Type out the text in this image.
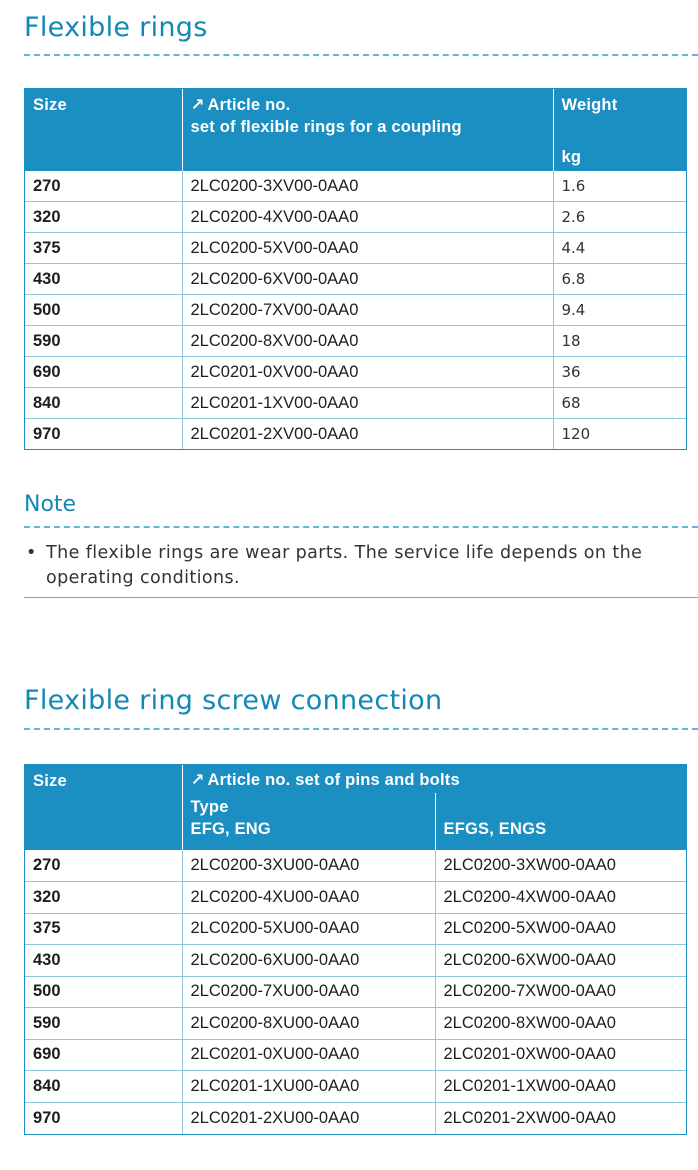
Flexible rings
Size	↗ Article no.
set of flexible rings for a coupling	Weight
kg

270	2LC0200-3XV00-0AA0	1.6
320	2LC0200-4XV00-0AA0	2.6
375	2LC0200-5XV00-0AA0	4.4
430	2LC0200-6XV00-0AA0	6.8
500	2LC0200-7XV00-0AA0	9.4
590	2LC0200-8XV00-0AA0	18
690	2LC0201-0XV00-0AA0	36
840	2LC0201-1XV00-0AA0	68
970	2LC0201-2XV00-0AA0	120
Note
• The flexible rings are wear parts. The service life depends on the operating conditions.
Flexible ring screw connection
Size	↗ Article no. set of pins and bolts	
	Type
EFG, ENG	EFGS, ENGS
270	2LC0200-3XU00-0AA0	2LC0200-3XW00-0AA0
320	2LC0200-4XU00-0AA0	2LC0200-4XW00-0AA0
375	2LC0200-5XU00-0AA0	2LC0200-5XW00-0AA0
430	2LC0200-6XU00-0AA0	2LC0200-6XW00-0AA0
500	2LC0200-7XU00-0AA0	2LC0200-7XW00-0AA0
590	2LC0200-8XU00-0AA0	2LC0200-8XW00-0AA0
690	2LC0201-0XU00-0AA0	2LC0201-0XW00-0AA0
840	2LC0201-1XU00-0AA0	2LC0201-1XW00-0AA0
970	2LC0201-2XU00-0AA0	2LC0201-2XW00-0AA0
